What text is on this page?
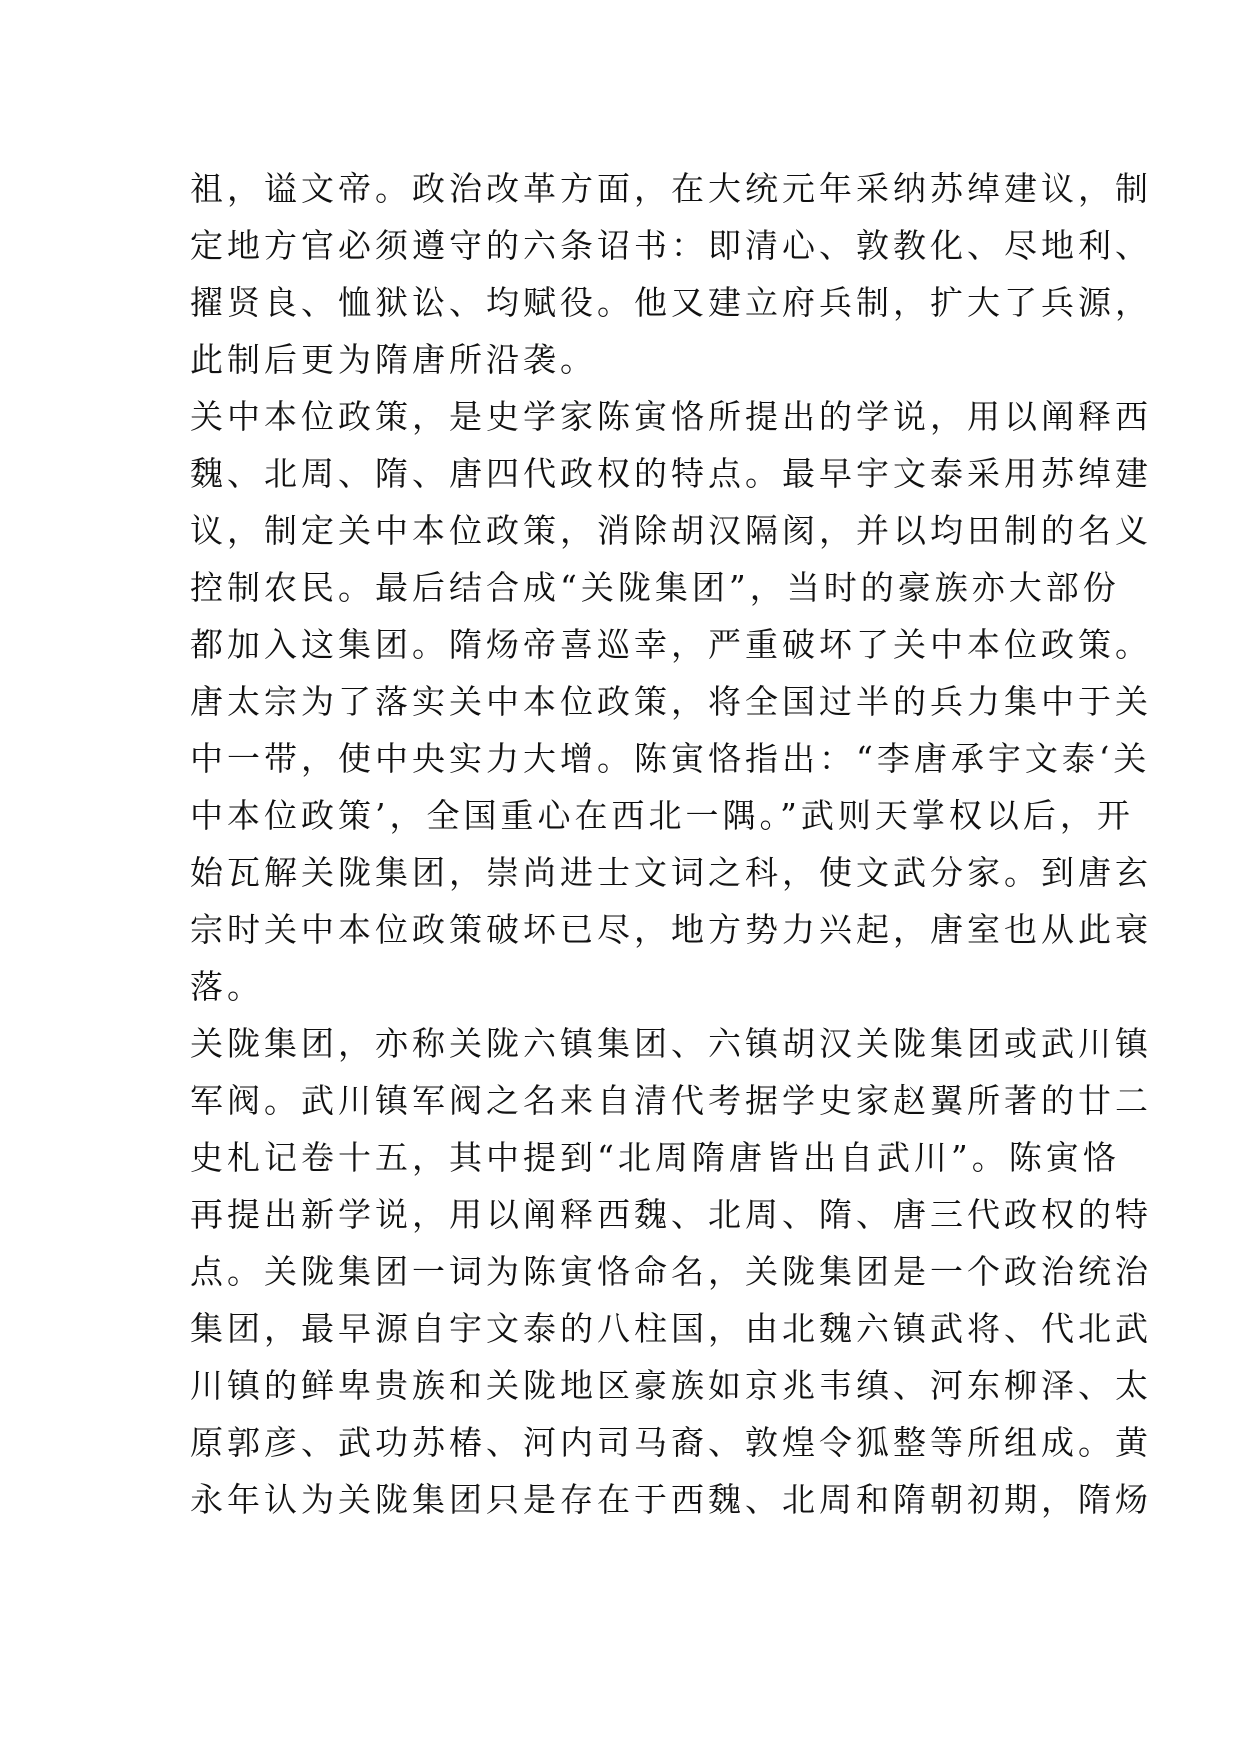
祖，谥文帝。政治改革方面，在大统元年采纳苏绰建议，制
定地方官必须遵守的六条诏书：即清心、敦教化、尽地利、
擢贤良、恤狱讼、均赋役。他又建立府兵制，扩大了兵源，
此制后更为隋唐所沿袭。
关中本位政策，是史学家陈寅恪所提出的学说，用以阐释西
魏、北周、隋、唐四代政权的特点。最早宇文泰采用苏绰建
议，制定关中本位政策，消除胡汉隔阂，并以均田制的名义
控制农民。最后结合成“关陇集团”，当时的豪族亦大部份
都加入这集团。隋炀帝喜巡幸，严重破坏了关中本位政策。
唐太宗为了落实关中本位政策，将全国过半的兵力集中于关
中一带，使中央实力大增。陈寅恪指出：“李唐承宇文泰‘关
中本位政策’，全国重心在西北一隅。”武则天掌权以后，开
始瓦解关陇集团，崇尚进士文词之科，使文武分家。到唐玄
宗时关中本位政策破坏已尽，地方势力兴起，唐室也从此衰
落。
关陇集团，亦称关陇六镇集团、六镇胡汉关陇集团或武川镇
军阀。武川镇军阀之名来自清代考据学史家赵翼所著的廿二
史札记卷十五，其中提到“北周隋唐皆出自武川”。陈寅恪
再提出新学说，用以阐释西魏、北周、隋、唐三代政权的特
点。关陇集团一词为陈寅恪命名，关陇集团是一个政治统治
集团，最早源自宇文泰的八柱国，由北魏六镇武将、代北武
川镇的鲜卑贵族和关陇地区豪族如京兆韦缜、河东柳泽、太
原郭彦、武功苏椿、河内司马裔、敦煌令狐整等所组成。黄
永年认为关陇集团只是存在于西魏、北周和隋朝初期，隋炀
